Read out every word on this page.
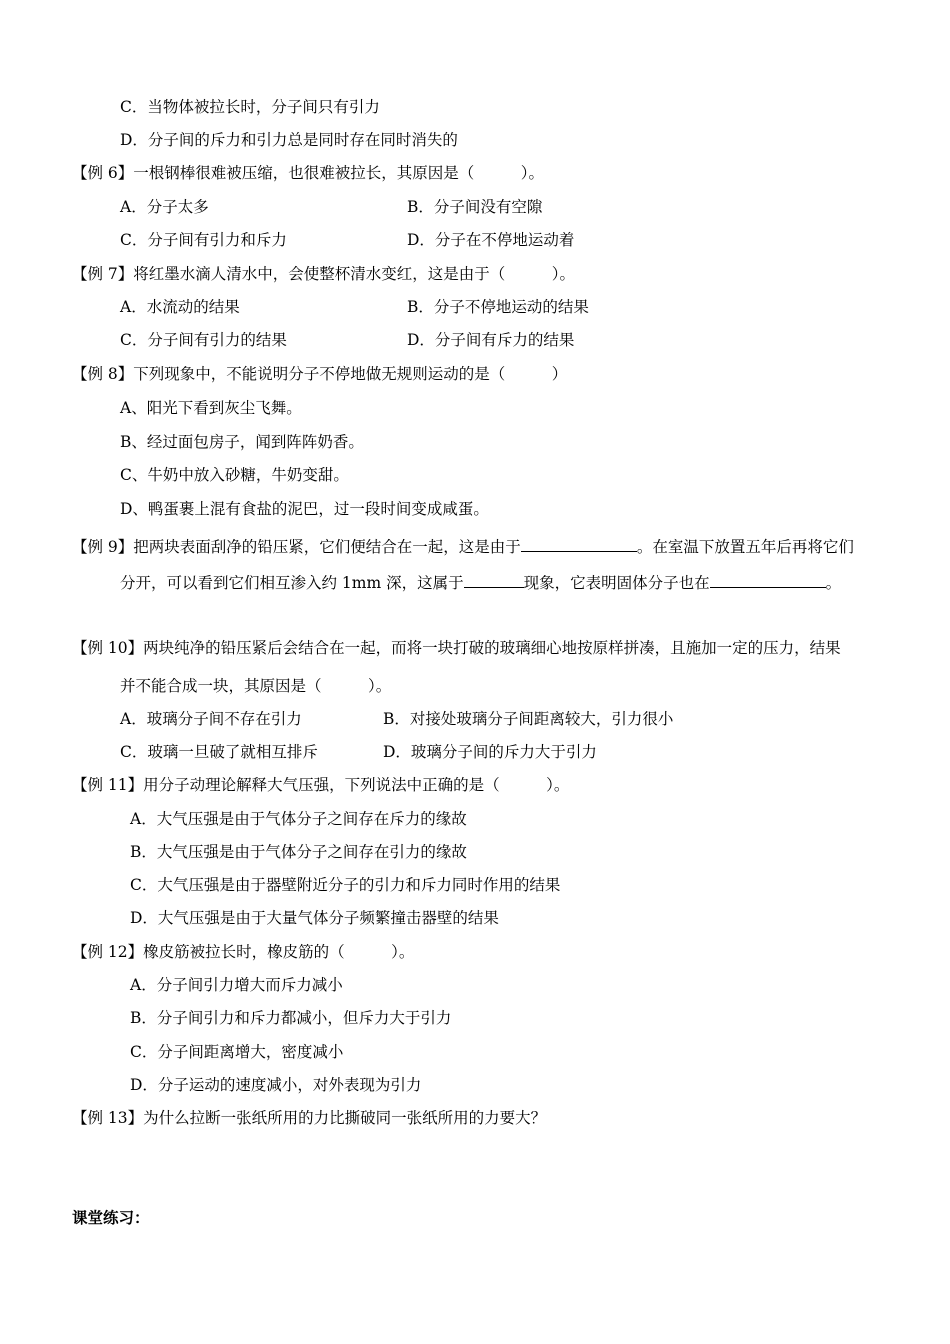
C．当物体被拉长时，分子间只有引力
D．分子间的斥力和引力总是同时存在同时消失的
【例 6】一根钢棒很难被压缩，也很难被拉长，其原因是（　　　）。
A．分子太多	B．分子间没有空隙
C．分子间有引力和斥力	D．分子在不停地运动着
【例 7】将红墨水滴人清水中，会使整杯清水变红，这是由于（　　　）。
A．水流动的结果	B．分子不停地运动的结果
C．分子间有引力的结果	D．分子间有斥力的结果
【例 8】下列现象中，不能说明分子不停地做无规则运动的是（　　　）
A、阳光下看到灰尘飞舞。
B、经过面包房子，闻到阵阵奶香。
C、牛奶中放入砂糖，牛奶变甜。
D、鸭蛋裹上混有食盐的泥巴，过一段时间变成咸蛋。
【例 9】把两块表面刮净的铅压紧，它们便结合在一起，这是由于	。在室温下放置五年后再将它们
分开，可以看到它们相互渗入约 1mm 深，这属于	现象，它表明固体分子也在	。
【例 10】两块纯净的铅压紧后会结合在一起，而将一块打破的玻璃细心地按原样拼凑，且施加一定的压力，结果
并不能合成一块，其原因是（　　　）。
A．玻璃分子间不存在引力	B．对接处玻璃分子间距离较大，引力很小
C．玻璃一旦破了就相互排斥	D．玻璃分子间的斥力大于引力
【例 11】用分子动理论解释大气压强，下列说法中正确的是（　　　）。
A．大气压强是由于气体分子之间存在斥力的缘故
B．大气压强是由于气体分子之间存在引力的缘故
C．大气压强是由于器壁附近分子的引力和斥力同时作用的结果
D．大气压强是由于大量气体分子频繁撞击器壁的结果
【例 12】橡皮筋被拉长时，橡皮筋的（　　　）。
A．分子间引力增大而斥力减小
B．分子间引力和斥力都减小，但斥力大于引力
C．分子间距离增大，密度减小
D．分子运动的速度减小，对外表现为引力
【例 13】为什么拉断一张纸所用的力比撕破同一张纸所用的力要大？
课堂练习：
